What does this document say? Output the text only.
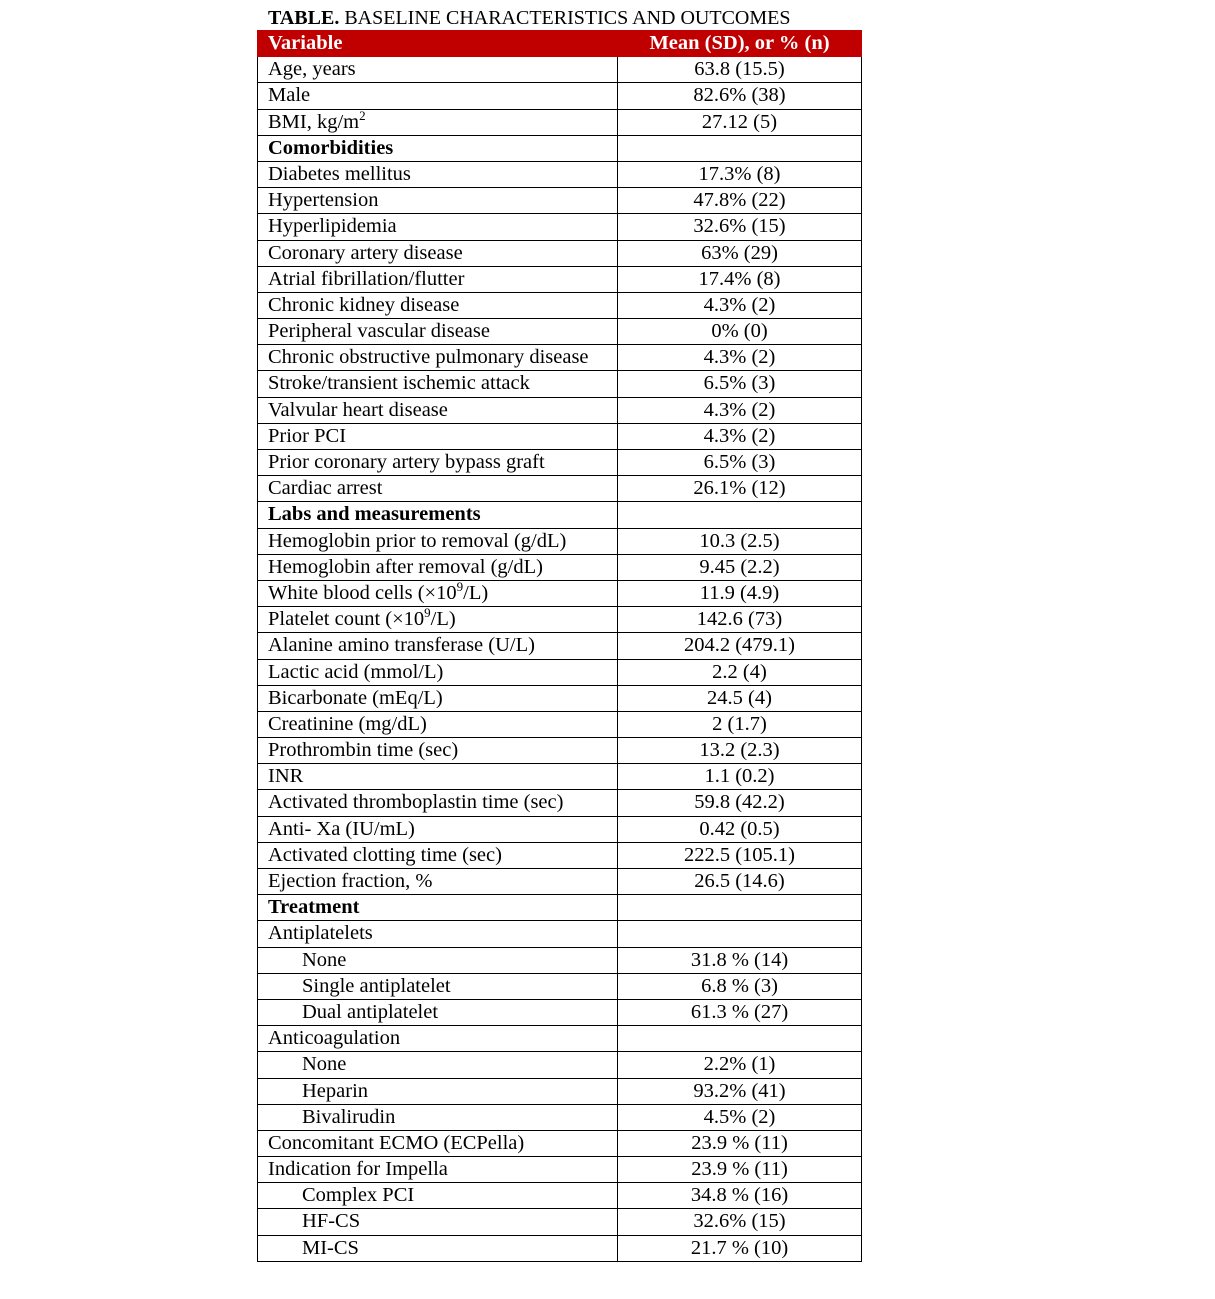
TABLE. BASELINE CHARACTERISTICS AND OUTCOMES
Variable	Mean (SD), or % (n)
Age, years	63.8 (15.5)
Male	82.6% (38)
BMI, $kg/m^2$	27.12 (5)
Comorbidities	
Diabetes mellitus	17.3% (8)
Hypertension	47.8% (22)
Hyperlipidemia	32.6% (15)
Coronary artery disease	63% (29)
Atrial fibrillation/flutter	17.4% (8)
Chronic kidney disease	4.3% (2)
Peripheral vascular disease	0% (0)
Chronic obstructive pulmonary disease	4.3% (2)
Stroke/transient ischemic attack	6.5% (3)
Valvular heart disease	4.3% (2)
Prior PCI	4.3% (2)
Prior coronary artery bypass graft	6.5% (3)
Cardiac arrest	26.1% (12)
Labs and measurements	
Hemoglobin prior to removal (g/dL)	10.3 (2.5)
Hemoglobin after removal (g/dL)	9.45 (2.2)
White blood cells $(\times 10^9/L)$	11.9 (4.9)
Platelet count $(\times 10^9/L)$	142.6 (73)
Alanine amino transferase (U/L)	204.2 (479.1)
Lactic acid (mmol/L)	2.2 (4)
Bicarbonate (mEq/L)	24.5 (4)
Creatinine (mg/dL)	2 (1.7)
Prothrombin time (sec)	13.2 (2.3)
INR	1.1 (0.2)
Activated thromboplastin time (sec)	59.8 (42.2)
Anti- Xa (IU/mL)	0.42 (0.5)
Activated clotting time (sec)	222.5 (105.1)
Ejection fraction, %	26.5 (14.6)
Treatment	
Antiplatelets	
None	31.8 % (14)
Single antiplatelet	6.8 % (3)
Dual antiplatelet	61.3 % (27)
Anticoagulation	
None	2.2% (1)
Heparin	93.2% (41)
Bivalirudin	4.5% (2)
Concomitant ECMO (ECPella)	23.9 % (11)
Indication for Impella	23.9 % (11)
Complex PCI	34.8 % (16)
HF-CS	32.6% (15)
MI-CS	21.7 % (10)
